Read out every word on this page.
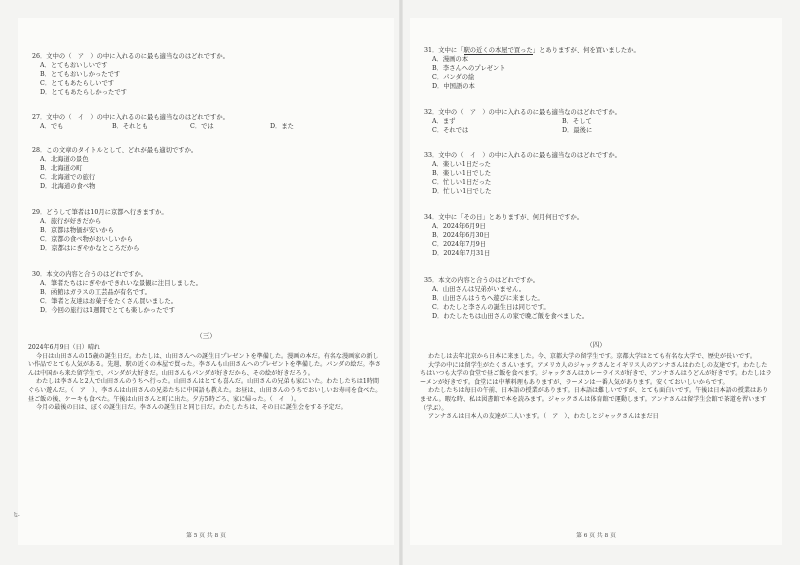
26．文中の（　ア　）の中に入れるのに最も適当なのはどれですか。
A．とてもおいしいです
B．とてもおいしかったです
C．とてもあたらしいです
D．とてもあたらしかったです
27．文中の（　イ　）の中に入れるのに最も適当なのはどれですか。
A．でも	B．それとも	C．では	D．また
28．この文章のタイトルとして、どれが最も適切ですか。
A．北海道の景色
B．北海道の町
C．北海道での旅行
D．北海道の食べ物
29．どうして筆者は10月に京都へ行きますか。
A．旅行が好きだから
B．京都は物価が安いから
C．京都の食べ物がおいしいから
D．京都はにぎやかなところだから
30．本文の内容と合うのはどれですか。
A．筆者たちはにぎやかできれいな景観に注目しました。
B．函館はガラスの工芸品が有名です。
C．筆者と友達はお菓子をたくさん買いました。
D．今回の旅行は1週間でとても楽しかったです
（三）
2024年6月9日（日）晴れ

今日は山田さんの15歳の誕生日だ。わたしは、山田さんへの誕生日プレゼントを準備した。漫画の本だ。有名な漫画家の新しい作品でとても人気がある。先週、駅の近くの本屋で買った。李さんも山田さんへのプレゼントを準備した。パンダの絵だ。李さんは中国から来た留学生で、パンダが大好きだ。山田さんもパンダが好きだから、その絵が好きだろう。

わたしは李さんと2人で山田さんのうちへ行った。山田さんはとても喜んだ。山田さんの兄弟も家にいた。わたしたちは1時間ぐらい遊んだ。（　ア　）、李さんは山田さんの兄弟たちに中国語も教えた。お昼は、山田さんのうちでおいしいお寿司を食べた。昼ご飯の後、ケーキも食べた。午後は山田さんと町に出た。夕方5時ごろ、家に帰った。（　イ　）。

今月の最後の日は、ぼくの誕生日だ。李さんの誕生日と同じ日だ。わたしたちは、その日に誕生会をする予定だ。

第 5 页 共 8 页
ե-
31．文中に「駅の近くの本屋で買った」とありますが、何を買いましたか。
A．漫画の本
B．李さんへのプレゼント
C．パンダの絵
D．中国語の本
32．文中の（　ア　）の中に入れるのに最も適当なのはどれですか。
A．まず	B．そして
C．それでは	D．最後に
33．文中の（　イ　）の中に入れるのに最も適当なのはどれですか。
A．楽しい1日だった
B．楽しい1日でした
C．忙しい1日だった
D．忙しい1日でした
34．文中に「その日」とありますが、何月何日ですか。
A．2024年6月9日
B．2024年6月30日
C．2024年7月9日
D．2024年7月31日
35．本文の内容と合うのはどれですか。
A．山田さんは兄弟がいません。
B．山田さんはうちへ遊びに来ました。
C．わたしと李さんの誕生日は同じです。
D．わたしたちは山田さんの家で晩ご飯を食べました。
（四）

わたしは去年北京から日本に来ました。今、京都大学の留学生です。京都大学はとても有名な大学で、歴史が長いです。

大学の中には留学生がたくさんいます。アメリカ人のジャックさんとイギリス人のアンナさんはわたしの友達です。わたしたちはいつも大学の食堂で昼ご飯を食べます。ジャックさんはカレーライスが好きで、アンナさんはうどんが好きです。わたしはラーメンが好きです。食堂には中華料理もありますが、ラーメンは一番人気があります。安くておいしいからです。

わたしたちは毎日の午前、日本語の授業があります。日本語は難しいですが、とても面白いです。午後は日本語の授業はありません。暇な時、私は図書館で本を読みます。ジャックさんは体育館で運動します。アンナさんは留学生会館で茶道を習います（学ぶ）。

アンナさんは日本人の友達が二人います。（　ア　）、わたしとジャックさんはまだ日

第 6 页 共 8 页
